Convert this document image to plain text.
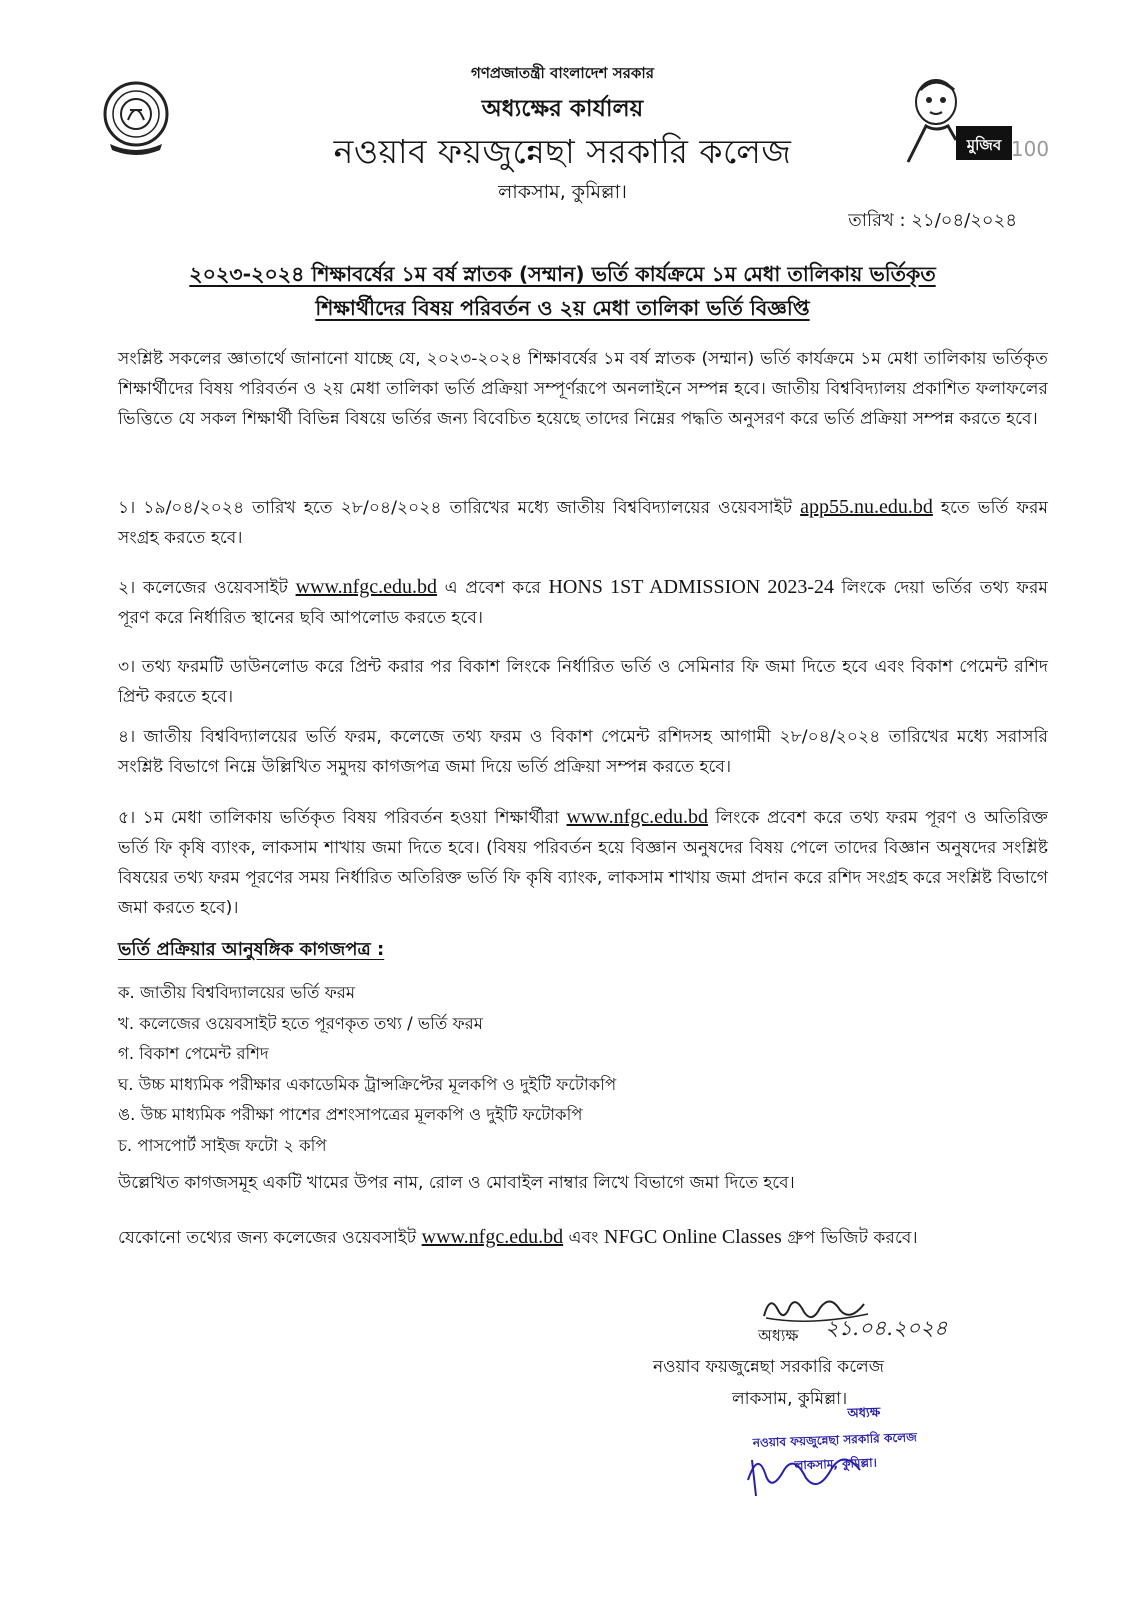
মুজিব 100
গণপ্রজাতন্ত্রী বাংলাদেশ সরকার
অধ্যক্ষের কার্যালয়
নওয়াব ফয়জুন্নেছা সরকারি কলেজ
লাকসাম, কুমিল্লা।
তারিখ : ২১/০৪/২০২৪
২০২৩-২০২৪ শিক্ষাবর্ষের ১ম বর্ষ স্নাতক (সম্মান) ভর্তি কার্যক্রমে ১ম মেধা তালিকায় ভর্তিকৃত
শিক্ষার্থীদের বিষয় পরিবর্তন ও ২য় মেধা তালিকা ভর্তি বিজ্ঞপ্তি
সংশ্লিষ্ট সকলের জ্ঞাতার্থে জানানো যাচ্ছে যে, ২০২৩-২০২৪ শিক্ষাবর্ষের ১ম বর্ষ স্নাতক (সম্মান) ভর্তি কার্যক্রমে ১ম মেধা তালিকায় ভর্তিকৃত শিক্ষার্থীদের বিষয় পরিবর্তন ও ২য় মেধা তালিকা ভর্তি প্রক্রিয়া সম্পূর্ণরূপে অনলাইনে সম্পন্ন হবে। জাতীয় বিশ্ববিদ্যালয় প্রকাশিত ফলাফলের ভিত্তিতে যে সকল শিক্ষার্থী বিভিন্ন বিষয়ে ভর্তির জন্য বিবেচিত হয়েছে তাদের নিম্নের পদ্ধতি অনুসরণ করে ভর্তি প্রক্রিয়া সম্পন্ন করতে হবে।
১। ১৯/০৪/২০২৪ তারিখ হতে ২৮/০৪/২০২৪ তারিখের মধ্যে জাতীয় বিশ্ববিদ্যালয়ের ওয়েবসাইট app55.nu.edu.bd হতে ভর্তি ফরম সংগ্রহ করতে হবে।
২। কলেজের ওয়েবসাইট www.nfgc.edu.bd এ প্রবেশ করে HONS 1ST ADMISSION 2023-24 লিংকে দেয়া ভর্তির তথ্য ফরম পূরণ করে নির্ধারিত স্থানের ছবি আপলোড করতে হবে।
৩। তথ্য ফরমটি ডাউনলোড করে প্রিন্ট করার পর বিকাশ লিংকে নির্ধারিত ভর্তি ও সেমিনার ফি জমা দিতে হবে এবং বিকাশ পেমেন্ট রশিদ প্রিন্ট করতে হবে।
৪। জাতীয় বিশ্ববিদ্যালয়ের ভর্তি ফরম, কলেজে তথ্য ফরম ও বিকাশ পেমেন্ট রশিদসহ আগামী ২৮/০৪/২০২৪ তারিখের মধ্যে সরাসরি সংশ্লিষ্ট বিভাগে নিম্নে উল্লিখিত সমুদয় কাগজপত্র জমা দিয়ে ভর্তি প্রক্রিয়া সম্পন্ন করতে হবে।
৫। ১ম মেধা তালিকায় ভর্তিকৃত বিষয় পরিবর্তন হওয়া শিক্ষার্থীরা www.nfgc.edu.bd লিংকে প্রবেশ করে তথ্য ফরম পূরণ ও অতিরিক্ত ভর্তি ফি কৃষি ব্যাংক, লাকসাম শাখায় জমা দিতে হবে। (বিষয় পরিবর্তন হয়ে বিজ্ঞান অনুষদের বিষয় পেলে তাদের বিজ্ঞান অনুষদের সংশ্লিষ্ট বিষয়ের তথ্য ফরম পূরণের সময় নির্ধারিত অতিরিক্ত ভর্তি ফি কৃষি ব্যাংক, লাকসাম শাখায় জমা প্রদান করে রশিদ সংগ্রহ করে সংশ্লিষ্ট বিভাগে জমা করতে হবে)।
ভর্তি প্রক্রিয়ার আনুষঙ্গিক কাগজপত্র :
ক. জাতীয় বিশ্ববিদ্যালয়ের ভর্তি ফরম
খ. কলেজের ওয়েবসাইট হতে পূরণকৃত তথ্য / ভর্তি ফরম
গ. বিকাশ পেমেন্ট রশিদ
ঘ. উচ্চ মাধ্যমিক পরীক্ষার একাডেমিক ট্রান্সক্রিপ্টের মূলকপি ও দুইটি ফটোকপি
ঙ. উচ্চ মাধ্যমিক পরীক্ষা পাশের প্রশংসাপত্রের মূলকপি ও দুইটি ফটোকপি
চ. পাসপোর্ট সাইজ ফটো ২ কপি
উল্লেখিত কাগজসমূহ একটি খামের উপর নাম, রোল ও মোবাইল নাম্বার লিখে বিভাগে জমা দিতে হবে।
যেকোনো তথ্যের জন্য কলেজের ওয়েবসাইট www.nfgc.edu.bd এবং NFGC Online Classes গ্রুপ ভিজিট করবে।
২১.০৪.২০২৪
অধ্যক্ষ
নওয়াব ফয়জুন্নেছা সরকারি কলেজ
লাকসাম, কুমিল্লা।
অধ্যক্ষ
নওয়াব ফয়জুন্নেছা সরকারি কলেজ
লাকসাম, কুমিল্লা।
